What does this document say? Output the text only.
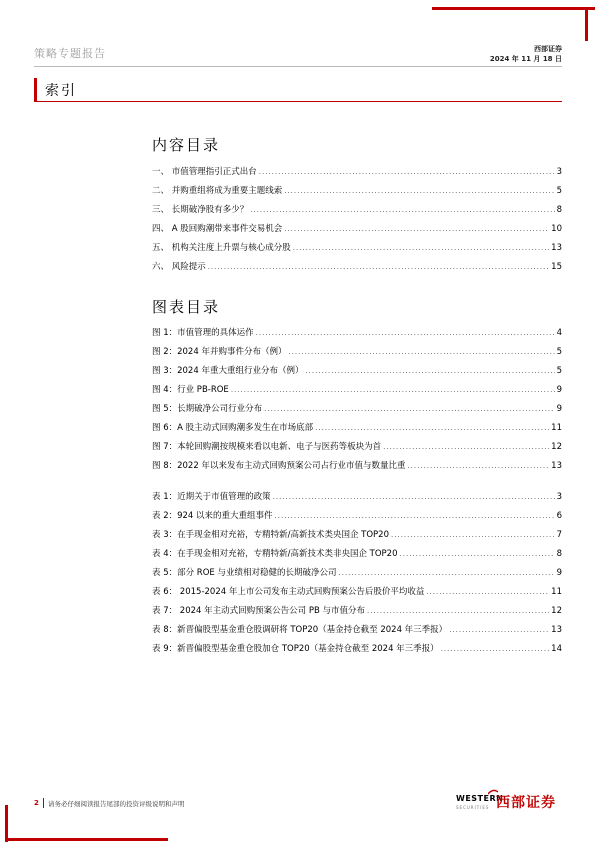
策略专题报告	西部证券
2024 年 11 月 18 日
索引
内容目录
一、 市值管理指引正式出台 .....	3
二、 并购重组将成为重要主题线索 .....	5
三、 长期破净股有多少？ .....	8
四、 A 股回购潮带来事件交易机会 .....	10
五、 机构关注度上升票与核心成分股 .....	13
六、 风险提示 .....	15
图表目录
图 1：市值管理的具体运作 .....	4
图 2：2024 年并购事件分布（例） .....	5
图 3：2024 年重大重组行业分布（例） .....	5
图 4：行业 PB-ROE .....	9
图 5：长期破净公司行业分布 .....	9
图 6：A 股主动式回购潮多发生在市场底部 .....	11
图 7：本轮回购潮按规模来看以电新、电子与医药等板块为首 .....	12
图 8：2022 年以来发布主动式回购预案公司占行业市值与数量比重 .....	13
表 1：近期关于市值管理的政策 .....	3
表 2：924 以来的重大重组事件 .....	6
表 3：在手现金相对充裕，专精特新/高新技术类央国企 TOP20 .....	7
表 4：在手现金相对充裕，专精特新/高新技术类非央国企 TOP20 .....	8
表 5：部分 ROE 与业绩相对稳健的长期破净公司 .....	9
表 6： 2015-2024 年上市公司发布主动式回购预案公告后股价平均收益 .....	11
表 7： 2024 年主动式回购预案公告公司 PB 与市值分布 .....	12
表 8：新晋偏股型基金重仓股调研将 TOP20（基金持仓截至 2024 年三季报） .....	13
表 9：新晋偏股型基金重仓股加仓 TOP20（基金持仓截至 2024 年三季报） .....	14
2 请务必仔细阅读报告尾部的投资评级说明和声明
WESTERN
SECURITIES 西部证券
